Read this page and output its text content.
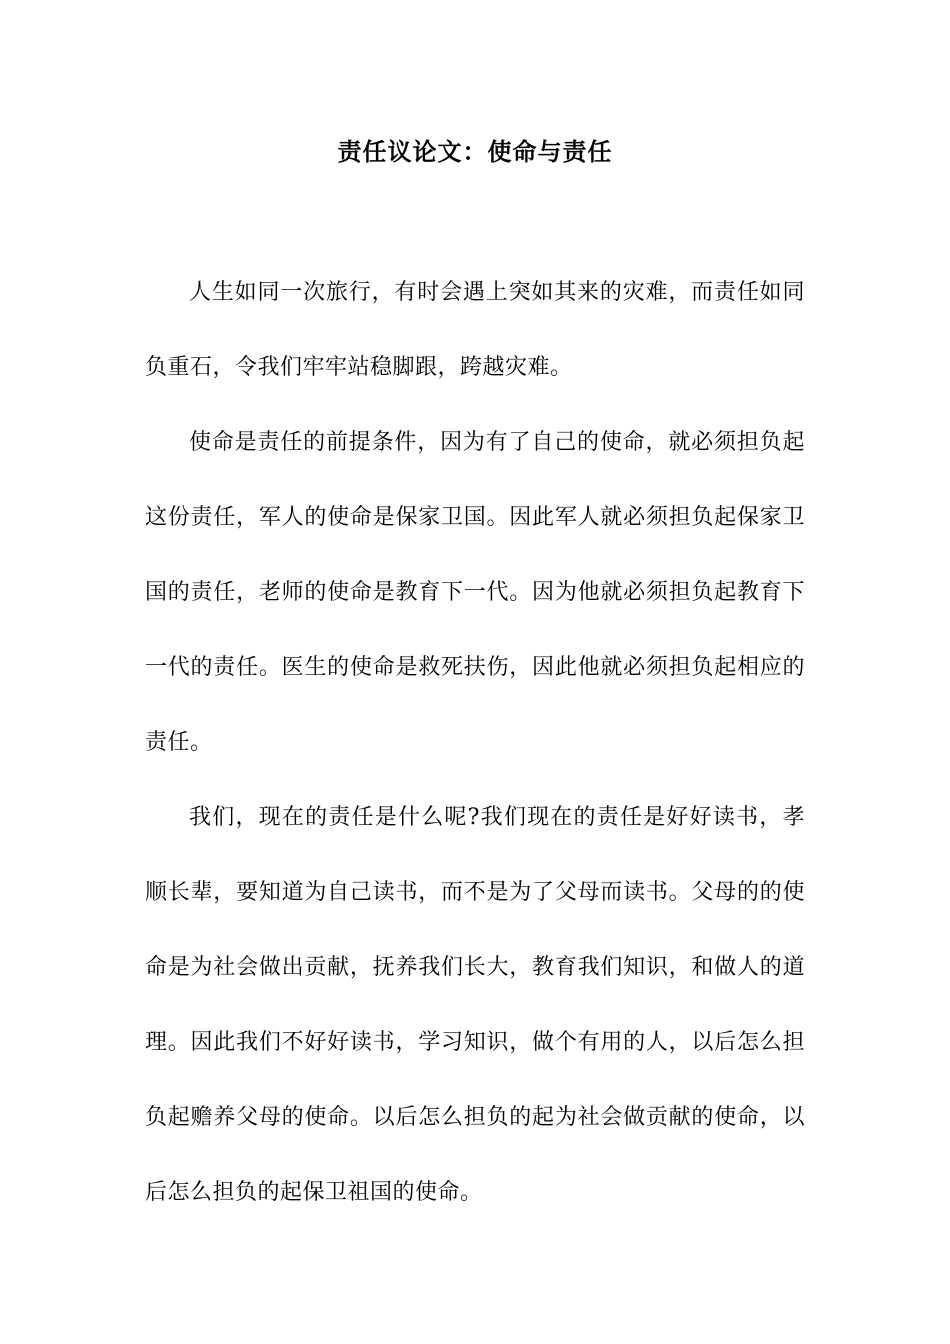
责任议论文：使命与责任

人生如同一次旅行，有时会遇上突如其来的灾难，而责任如同负重石，令我们牢牢站稳脚跟，跨越灾难。

使命是责任的前提条件，因为有了自己的使命，就必须担负起这份责任，军人的使命是保家卫国。因此军人就必须担负起保家卫国的责任，老师的使命是教育下一代。因为他就必须担负起教育下一代的责任。医生的使命是救死扶伤，因此他就必须担负起相应的责任。

我们，现在的责任是什么呢?我们现在的责任是好好读书，孝顺长辈，要知道为自己读书，而不是为了父母而读书。父母的的使命是为社会做出贡献，抚养我们长大，教育我们知识，和做人的道理。因此我们不好好读书，学习知识，做个有用的人，以后怎么担负起赡养父母的使命。以后怎么担负的起为社会做贡献的使命，以后怎么担负的起保卫祖国的使命。
